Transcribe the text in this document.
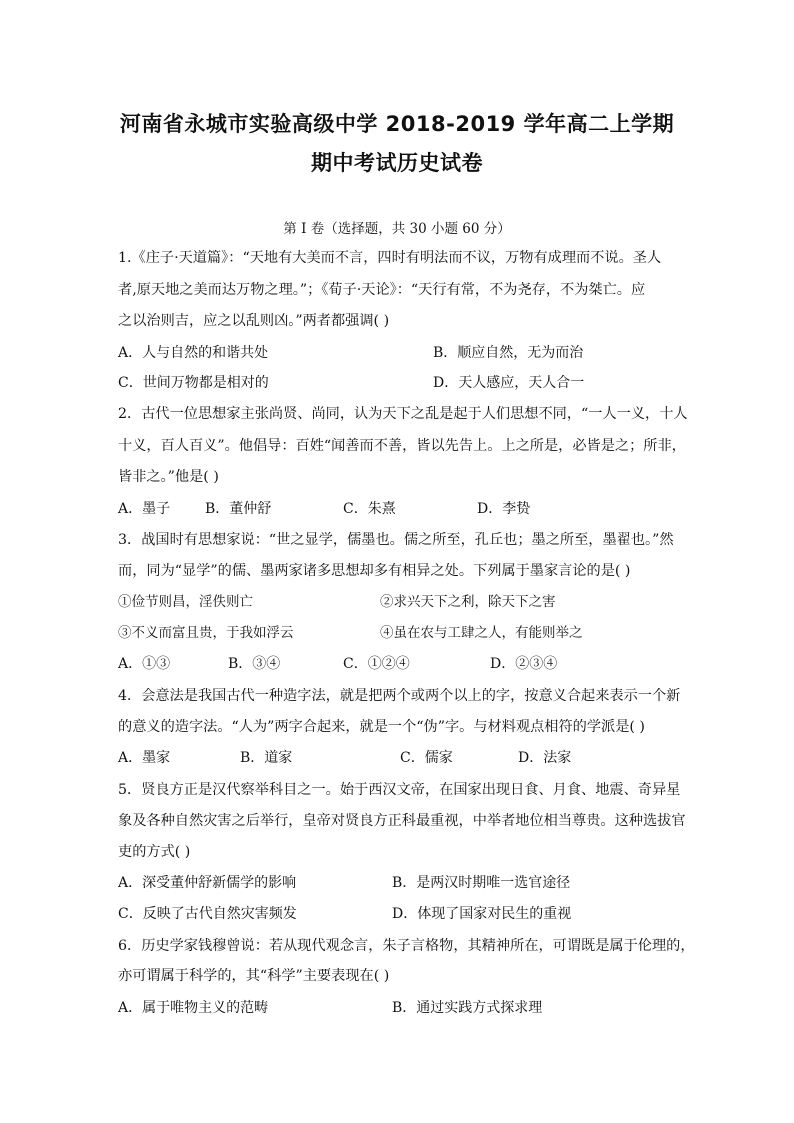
河南省永城市实验高级中学 2018-2019 学年高二上学期
期中考试历史试卷
第 I 卷（选择题，共 30 小题 60 分）
1.《庄子·天道篇》：“天地有大美而不言，四时有明法而不议，万物有成理而不说。圣人
者,原天地之美而达万物之理。”；《荀子·天论》：“天行有常，不为尧存，不为桀亡。应
之以治则吉，应之以乱则凶。”两者都强调( )
A．人与自然的和谐共处	B．顺应自然，无为而治
C．世间万物都是相对的	D．天人感应，天人合一
2．古代一位思想家主张尚贤、尚同，认为天下之乱是起于人们思想不同，“一人一义，十人
十义，百人百义”。他倡导：百姓“闻善而不善，皆以先告上。上之所是，必皆是之；所非，
皆非之。”他是( )
A．墨子 B．董仲舒	C．朱熹	D．李贽
3．战国时有思想家说：“世之显学，儒墨也。儒之所至，孔丘也；墨之所至，墨翟也。”然
而，同为“显学”的儒、墨两家诸多思想却多有相异之处。下列属于墨家言论的是( )
①俭节则昌，淫佚则亡	②求兴天下之利，除天下之害
③不义而富且贵，于我如浮云	④虽在农与工肆之人，有能则举之
A．①③	B．③④	C．①②④	D．②③④
4．会意法是我国古代一种造字法，就是把两个或两个以上的字，按意义合起来表示一个新
的意义的造字法。“人为”两字合起来，就是一个“伪”字。与材料观点相符的学派是( )
A．墨家	B．道家	C．儒家	D．法家
5．贤良方正是汉代察举科目之一。始于西汉文帝，在国家出现日食、月食、地震、奇异星
象及各种自然灾害之后举行，皇帝对贤良方正科最重视，中举者地位相当尊贵。这种选拔官
吏的方式( )
A．深受董仲舒新儒学的影响	B．是两汉时期唯一选官途径
C．反映了古代自然灾害频发	D．体现了国家对民生的重视
6．历史学家钱穆曾说：若从现代观念言，朱子言格物，其精神所在，可谓既是属于伦理的，
亦可谓属于科学的，其“科学”主要表现在( )
A．属于唯物主义的范畴	B．通过实践方式探求理
